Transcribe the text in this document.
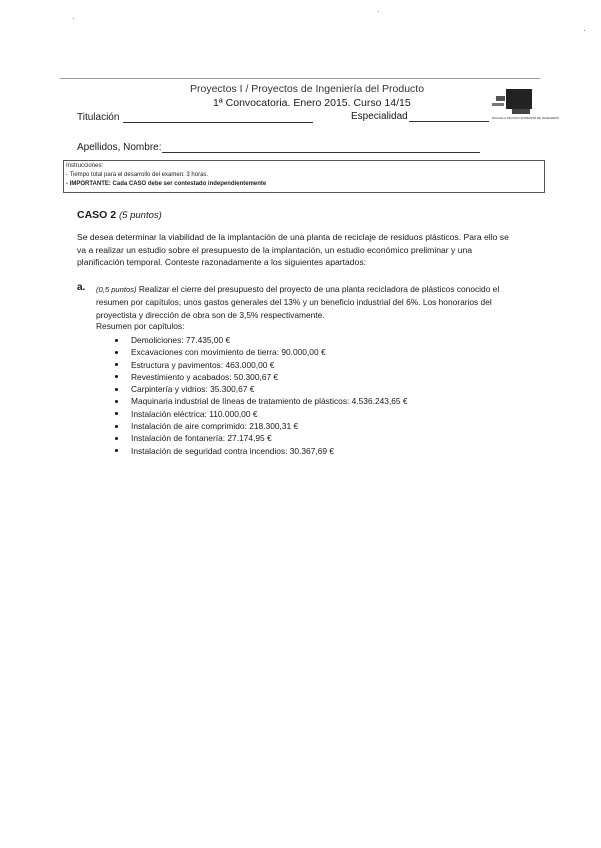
Proyectos I / Proyectos de Ingeniería del Producto
1ª Convocatoria. Enero 2015. Curso 14/15
ESCUELA TÉCNICA SUPERIOR DE INGENIERÍA
Titulación	Especialidad
Apellidos, Nombre:
Instrucciones:
- Tiempo total para el desarrollo del examen: 3 horas.
- IMPORTANTE: Cada CASO debe ser contestado independientemente
CASO 2 (5 puntos)
Se desea determinar la viabilidad de la implantación de una planta de reciclaje de residuos plásticos. Para ello se
va a realizar un estudio sobre el presupuesto de la implantación, un estudio económico preliminar y una
planificación temporal. Conteste razonadamente a los siguientes apartados:
a. (0,5 puntos) Realizar el cierre del presupuesto del proyecto de una planta recicladora de plásticos conocido el
resumen por capítulos, unos gastos generales del 13% y un beneficio industrial del 6%. Los honorarios del
proyectista y dirección de obra son de 3,5% respectivamente.
Resumen por capítulos:
Demoliciones: 77.435,00 €
Excavaciones con movimiento de tierra: 90.000,00 €
Estructura y pavimentos: 463.000,00 €
Revestimiento y acabados: 50.300,67 €
Carpintería y vidrios: 35.300,67 €
Maquinaria industrial de líneas de tratamiento de plásticos: 4.536.243,65 €
Instalación eléctrica: 110.000,00 €
Instalación de aire comprimido: 218.300,31 €
Instalación de fontanería: 27.174,95 €
Instalación de seguridad contra incendios: 30.367,69 €
